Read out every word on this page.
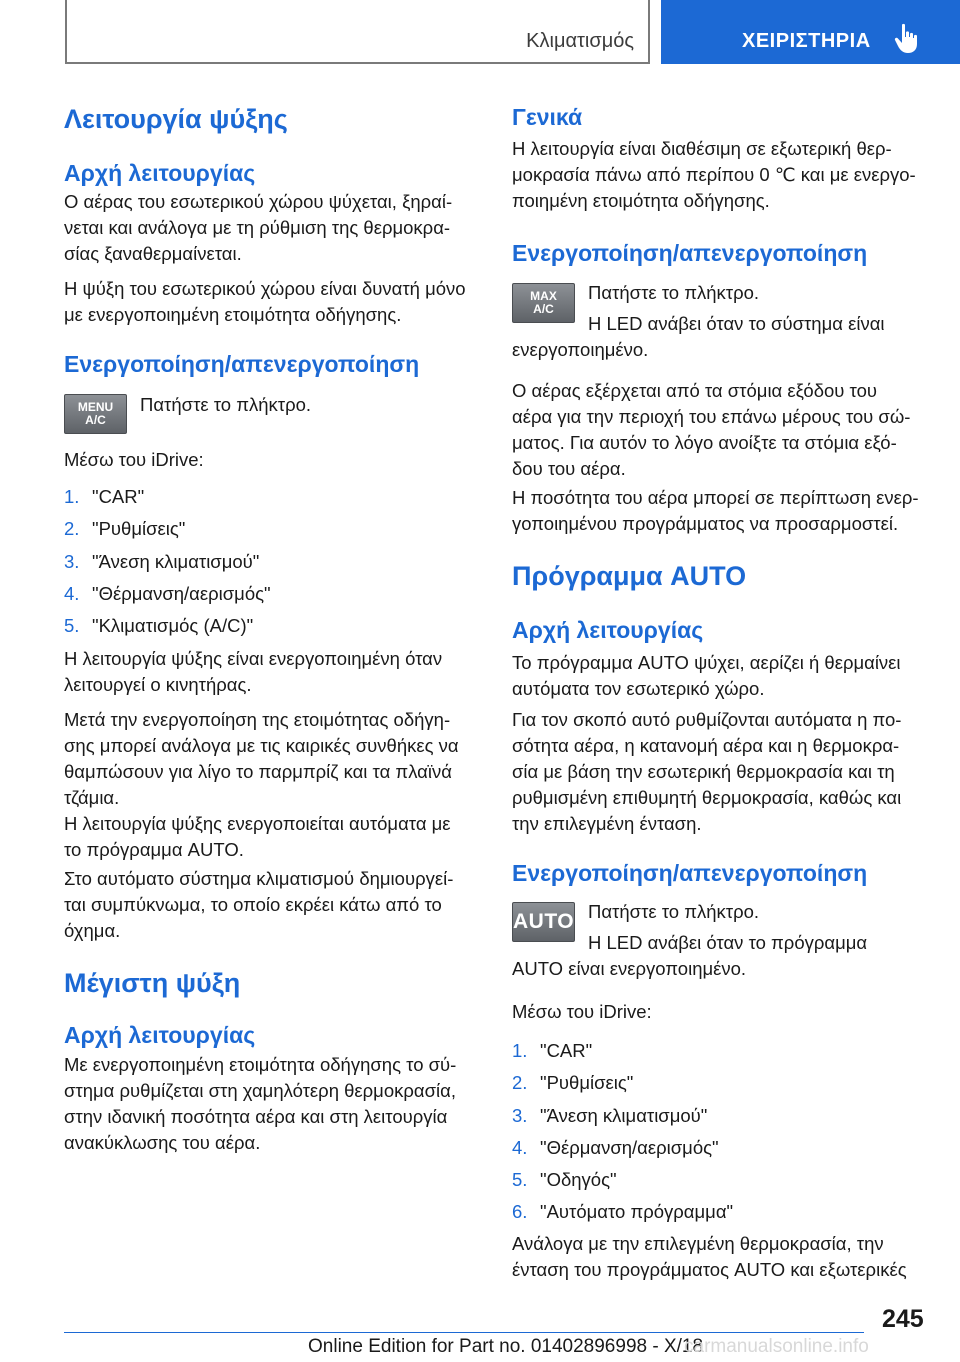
Κλιματισμός	ΧΕΙΡΙΣΤΗΡΙΑ
Λειτουργία ψύξης
Αρχή λειτουργίας
Ο αέρας του εσωτερικού χώρου ψύχεται, ξηραί-
νεται και ανάλογα με τη ρύθμιση της θερμοκρα-
σίας ξαναθερμαίνεται.
Η ψύξη του εσωτερικού χώρου είναι δυνατή μόνο
με ενεργοποιημένη ετοιμότητα οδήγησης.
Ενεργοποίηση/απενεργοποίηση
MENU
A/C
Πατήστε το πλήκτρο.
Μέσω του iDrive:
1. "CAR"
2. "Ρυθμίσεις"
3. "Άνεση κλιματισμού"
4. "Θέρμανση/αερισμός"
5. "Κλιματισμός (A/C)"
Η λειτουργία ψύξης είναι ενεργοποιημένη όταν
λειτουργεί ο κινητήρας.
Μετά την ενεργοποίηση της ετοιμότητας οδήγη-
σης μπορεί ανάλογα με τις καιρικές συνθήκες να
θαμπώσουν για λίγο το παρμπρίζ και τα πλαϊνά
τζάμια.
Η λειτουργία ψύξης ενεργοποιείται αυτόματα με
το πρόγραμμα AUTO.
Στο αυτόματο σύστημα κλιματισμού δημιουργεί-
ται συμπύκνωμα, το οποίο εκρέει κάτω από το
όχημα.
Μέγιστη ψύξη
Αρχή λειτουργίας
Με ενεργοποιημένη ετοιμότητα οδήγησης το σύ-
στημα ρυθμίζεται στη χαμηλότερη θερμοκρασία,
στην ιδανική ποσότητα αέρα και στη λειτουργία
ανακύκλωσης του αέρα.
Γενικά
Η λειτουργία είναι διαθέσιμη σε εξωτερική θερ-
μοκρασία πάνω από περίπου 0 ℃ και με ενεργο-
ποιημένη ετοιμότητα οδήγησης.
Ενεργοποίηση/απενεργοποίηση
MAX
A/C
Πατήστε το πλήκτρο.
Η LED ανάβει όταν το σύστημα είναι
ενεργοποιημένο.
Ο αέρας εξέρχεται από τα στόμια εξόδου του
αέρα για την περιοχή του επάνω μέρους του σώ-
ματος. Για αυτόν το λόγο ανοίξτε τα στόμια εξό-
δου του αέρα.
Η ποσότητα του αέρα μπορεί σε περίπτωση ενερ-
γοποιημένου προγράμματος να προσαρμοστεί.
Πρόγραμμα AUTO
Αρχή λειτουργίας
Το πρόγραμμα AUTO ψύχει, αερίζει ή θερμαίνει
αυτόματα τον εσωτερικό χώρο.
Για τον σκοπό αυτό ρυθμίζονται αυτόματα η πο-
σότητα αέρα, η κατανομή αέρα και η θερμοκρα-
σία με βάση την εσωτερική θερμοκρασία και τη
ρυθμισμένη επιθυμητή θερμοκρασία, καθώς και
την επιλεγμένη ένταση.
Ενεργοποίηση/απενεργοποίηση
AUTO Πατήστε το πλήκτρο.
Η LED ανάβει όταν το πρόγραμμα
AUTO είναι ενεργοποιημένο.
Μέσω του iDrive:
1. "CAR"
2. "Ρυθμίσεις"
3. "Άνεση κλιματισμού"
4. "Θέρμανση/αερισμός"
5. "Οδηγός"
6. "Αυτόματο πρόγραμμα"
Ανάλογα με την επιλεγμένη θερμοκρασία, την
ένταση του προγράμματος AUTO και εξωτερικές
245
Online Edition for Part no. 01402896998 - X/18
carmanualsonline.info
